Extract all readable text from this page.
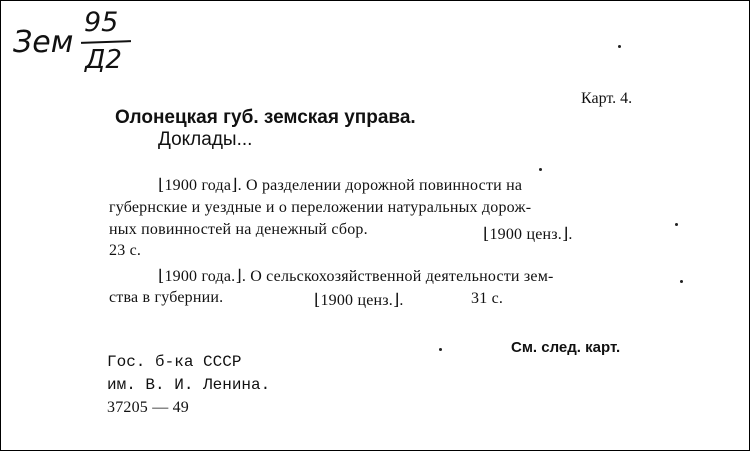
Зем
95
Д2
Карт. 4.
Олонецкая губ. земская управа.
Доклады...
⌊1900 года⌋. О разделении дорожной повинности на
губернские и уездные и о переложении натуральных дорож-
ных повинностей на денежный сбор.	⌊1900 ценз.⌋.
23 с.
⌊1900 года.⌋. О сельскохозяйственной деятельности зем-
ства в губернии.	⌊1900 ценз.⌋.	31 с.
См. след. карт.
Гос. б-ка СССР
им. В. И. Ленина.
37205 — 49
